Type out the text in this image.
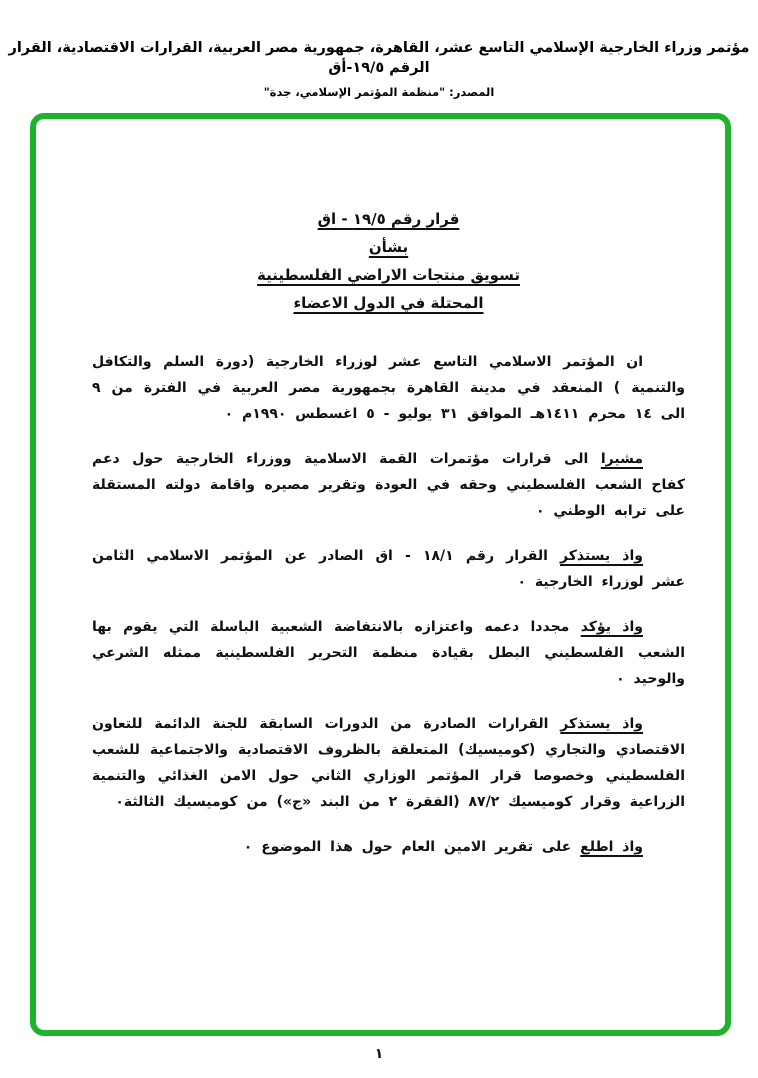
مؤتمر وزراء الخارجية الإسلامي التاسع عشر، القاهرة، جمهورية مصر العربية، القرارات الاقتصادية، القرار الرقم ١٩/٥-أق
المصدر: "منظمة المؤتمر الإسلامي، جدة"
قرار رقم ١٩/٥ - اق
بشأن
تسويق منتجات الاراضي الفلسطينية
المحتلة في الدول الاعضاء

ان المؤتمر الاسلامي التاسع عشر لوزراء الخارجية (دورة السلم والتكافل والتنمية ) المنعقد في مدينة القاهرة بجمهورية مصر العربية في الفترة من ٩ الى ١٤ محرم ١٤١١هـ الموافق ٣١ يوليو - ٥ اغسطس ١٩٩٠م ٠

مشيرا الى قرارات مؤتمرات القمة الاسلامية ووزراء الخارجية حول دعم كفاح الشعب الفلسطيني وحقه في العودة وتقرير مصيره واقامة دولته المستقلة على ترابه الوطني ٠

واذ يستذكر القرار رقم ١٨/١ - اق الصادر عن المؤتمر الاسلامي الثامن عشر لوزراء الخارجية ٠

واذ يؤكد مجددا دعمه واعتزازه بالانتفاضة الشعبية الباسلة التي يقوم بها الشعب الفلسطيني البطل بقيادة منظمة التحرير الفلسطينية ممثله الشرعي والوحيد ٠

واذ يستذكر القرارات الصادرة من الدورات السابقة للجنة الدائمة للتعاون الاقتصادي والتجاري (كوميسيك) المتعلقة بالظروف الاقتصادية والاجتماعية للشعب الفلسطيني وخصوصا قرار المؤتمر الوزاري الثاني حول الامن الغذائي والتنمية الزراعية وقرار كوميسيك ٨٧/٢ (الفقرة ٢ من البند «ج») من كوميسيك الثالثة٠

واذ اطلع على تقرير الامين العام حول هذا الموضوع ٠

١
